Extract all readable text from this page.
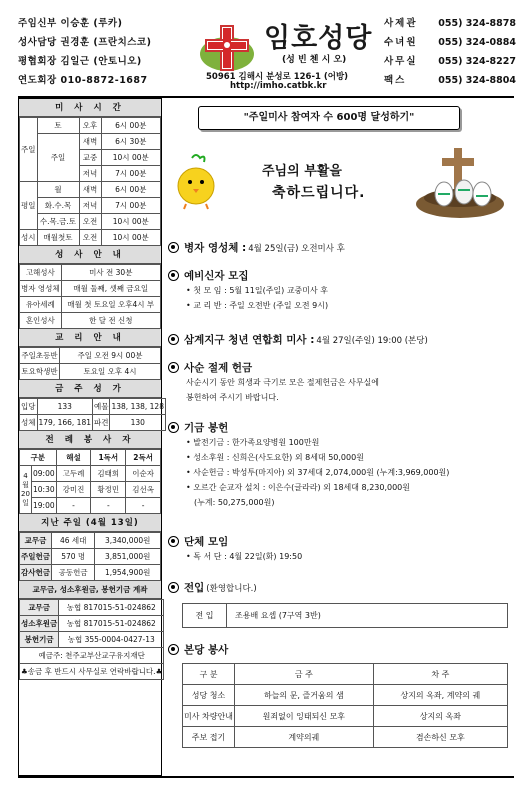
주임신부 이승훈 (루카)
성사담당 권경훈 (프란치스코)
평협회장 김일근 (안토니오)
연도회장 010-8872-1687
임호성당
(성 빈 첸 시 오)
50961 김해시 분성로 126-1 (어방)
http://imho.catbk.kr
사제관	055) 324-8878
수녀원	055) 324-0884
사무실	055) 324-8227
팩스	055) 324-8804
미 사 시 간
주일	토	오후	6시 00분
	주일	새벽	6시 30분
		교중	10시 00분
		저녁	7시 00분
평일	월	새벽	6시 00분
	화.수.목	저녁	7시 00분
	수.목.금.토	오전	10시 00분
성시	매월첫토	오전	10시 00분
성 사 안 내
고해성사	미사 전 30분
병자 영성체	매월 둘째, 셋째 금요일
유아세례	매월 첫 토요일 오후4시 부
혼인성사	한 달 전 신청
교 리 안 내
주일초등반	주일 오전 9시 00분
토요학생반	토요일 오후 4시
금 주 성 가
입당	133	예물	138, 138, 128
성체	179, 166, 181	파견	130
전 례 봉 사 자
구분		해설	1독서	2독서
4월 20일	09:00	고두례	김태희	이순자
	10:30	강미진	황정민	김선옥
	19:00	-	-	-
지난 주일 (4월 13일)
교무금	46 세대	3,340,000원
주일헌금	570 명	3,851,000원
감사헌금	공동헌금	1,954,900원
교무금, 성소후원금, 봉헌기금 계좌
교무금	농협 817015-51-024862
성소후원금	농협 817015-51-024862
봉헌기금	농협 355-0004-0427-13
예금주: 천주교부산교구유지재단	
♣송금 후 반드시 사무실로 연락바랍니다.♣	
"주일미사 참여자 수 600명 달성하기"
주님의 부활을
축하드립니다.
병자 영성체 : 4월 25일(금) 오전미사 후
예비신자 모집
• 첫 모 임 : 5월 11일(주일) 교중미사 후
• 교 리 반 : 주일 오전반 (주일 오전 9시)
삼계지구 청년 연합회 미사 : 4월 27일(주일) 19:00 (본당)
사순 절제 헌금
사순시기 동안 희생과 극기로 모은 절제헌금은 사무실에
봉헌하여 주시기 바랍니다.
기금 봉헌
• 발전기금 : 한가족요양병원 100만원
• 성소후원 : 신희은(사도요한) 외 8세대 50,000원
• 사순헌금 : 박성투(마지아) 외 37세대 2,074,000원 (누계:3,969,000원)
• 오르간 순교자 설치 : 이은수(글라라) 외 18세대 8,230,000원
(누계: 50,275,000원)
단체 모임
• 독 서 단 : 4월 22일(화) 19:50
전입 (환영합니다.)
전 입	조용배 요셉 (7구역 3반)
본당 봉사
구 분	금 주	차 주
성당 청소	하늘의 문, 즐거움의 샘	상지의 옥좌, 계약의 궤
미사 차량안내	원죄없이 잉태되신 모후	상지의 옥좌
주보 접기	계약의궤	겸손하신 모후
